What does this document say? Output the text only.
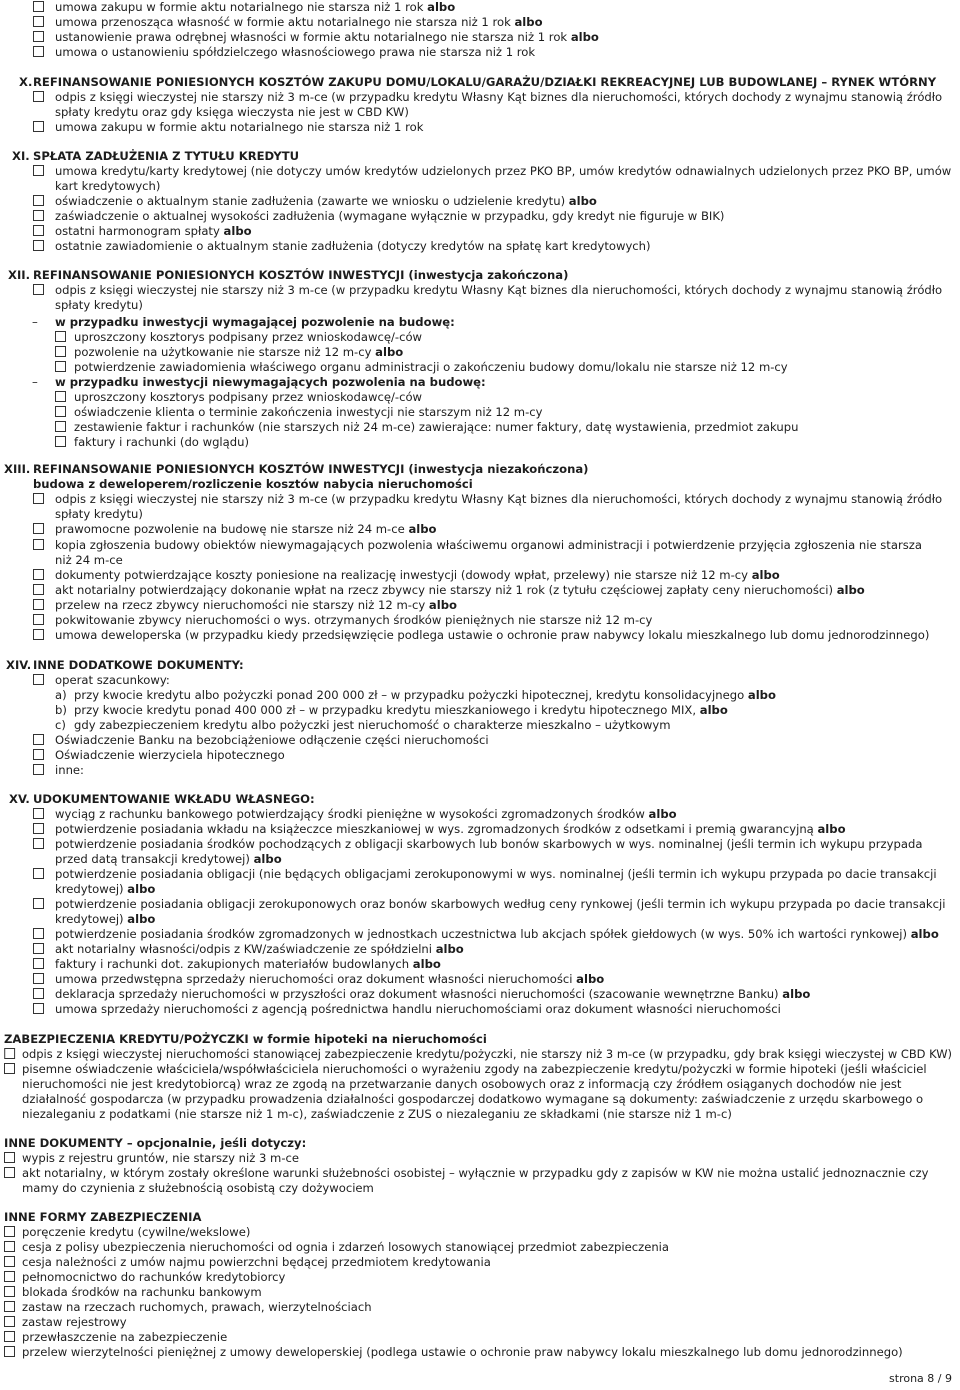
umowa zakupu w formie aktu notarialnego nie starsza niż 1 rok albo
umowa przenosząca własność w formie aktu notarialnego nie starsza niż 1 rok albo
ustanowienie prawa odrębnej własności w formie aktu notarialnego nie starsza niż 1 rok albo
umowa o ustanowieniu spółdzielczego własnościowego prawa nie starsza niż 1 rok
X. REFINANSOWANIE PONIESIONYCH KOSZTÓW ZAKUPU DOMU/LOKALU/GARAŻU/DZIAŁKI REKREACYJNEJ LUB BUDOWLANEJ – RYNEK WTÓRNY
odpis z księgi wieczystej nie starszy niż 3 m-ce (w przypadku kredytu Własny Kąt biznes dla nieruchomości, których dochody z wynajmu stanowią źródło
spłaty kredytu oraz gdy księga wieczysta nie jest w CBD KW)
umowa zakupu w formie aktu notarialnego nie starsza niż 1 rok
XI. SPŁATA ZADŁUŻENIA Z TYTUŁU KREDYTU
umowa kredytu/karty kredytowej (nie dotyczy umów kredytów udzielonych przez PKO BP, umów kredytów odnawialnych udzielonych przez PKO BP, umów
kart kredytowych)
oświadczenie o aktualnym stanie zadłużenia (zawarte we wniosku o udzielenie kredytu) albo
zaświadczenie o aktualnej wysokości zadłużenia (wymagane wyłącznie w przypadku, gdy kredyt nie figuruje w BIK)
ostatni harmonogram spłaty albo
ostatnie zawiadomienie o aktualnym stanie zadłużenia (dotyczy kredytów na spłatę kart kredytowych)
XII. REFINANSOWANIE PONIESIONYCH KOSZTÓW INWESTYCJI (inwestycja zakończona)
odpis z księgi wieczystej nie starszy niż 3 m-ce (w przypadku kredytu Własny Kąt biznes dla nieruchomości, których dochody z wynajmu stanowią źródło
spłaty kredytu)
– w przypadku inwestycji wymagającej pozwolenie na budowę:
uproszczony kosztorys podpisany przez wnioskodawcę/-ców
pozwolenie na użytkowanie nie starsze niż 12 m-cy albo
potwierdzenie zawiadomienia właściwego organu administracji o zakończeniu budowy domu/lokalu nie starsze niż 12 m-cy
– w przypadku inwestycji niewymagających pozwolenia na budowę:
uproszczony kosztorys podpisany przez wnioskodawcę/-ców
oświadczenie klienta o terminie zakończenia inwestycji nie starszym niż 12 m-cy
zestawienie faktur i rachunków (nie starszych niż 24 m-ce) zawierające: numer faktury, datę wystawienia, przedmiot zakupu
faktury i rachunki (do wglądu)
XIII. REFINANSOWANIE PONIESIONYCH KOSZTÓW INWESTYCJI (inwestycja niezakończona)
budowa z deweloperem/rozliczenie kosztów nabycia nieruchomości
odpis z księgi wieczystej nie starszy niż 3 m-ce (w przypadku kredytu Własny Kąt biznes dla nieruchomości, których dochody z wynajmu stanowią źródło
spłaty kredytu)
prawomocne pozwolenie na budowę nie starsze niż 24 m-ce albo
kopia zgłoszenia budowy obiektów niewymagających pozwolenia właściwemu organowi administracji i potwierdzenie przyjęcia zgłoszenia nie starsza
niż 24 m-ce
dokumenty potwierdzające koszty poniesione na realizację inwestycji (dowody wpłat, przelewy) nie starsze niż 12 m-cy albo
akt notarialny potwierdzający dokonanie wpłat na rzecz zbywcy nie starszy niż 1 rok (z tytułu częściowej zapłaty ceny nieruchomości) albo
przelew na rzecz zbywcy nieruchomości nie starszy niż 12 m-cy albo
pokwitowanie zbywcy nieruchomości o wys. otrzymanych środków pieniężnych nie starsze niż 12 m-cy
umowa deweloperska (w przypadku kiedy przedsięwzięcie podlega ustawie o ochronie praw nabywcy lokalu mieszkalnego lub domu jednorodzinnego)
XIV. INNE DODATKOWE DOKUMENTY:
operat szacunkowy:
a) przy kwocie kredytu albo pożyczki ponad 200 000 zł – w przypadku pożyczki hipotecznej, kredytu konsolidacyjnego albo
b) przy kwocie kredytu ponad 400 000 zł – w przypadku kredytu mieszkaniowego i kredytu hipotecznego MIX, albo
c) gdy zabezpieczeniem kredytu albo pożyczki jest nieruchomość o charakterze mieszkalno – użytkowym
Oświadczenie Banku na bezobciążeniowe odłączenie części nieruchomości
Oświadczenie wierzyciela hipotecznego
inne:
XV. UDOKUMENTOWANIE WKŁADU WŁASNEGO:
wyciąg z rachunku bankowego potwierdzający środki pieniężne w wysokości zgromadzonych środków albo
potwierdzenie posiadania wkładu na książeczce mieszkaniowej w wys. zgromadzonych środków z odsetkami i premią gwarancyjną albo
potwierdzenie posiadania środków pochodzących z obligacji skarbowych lub bonów skarbowych w wys. nominalnej (jeśli termin ich wykupu przypada
przed datą transakcji kredytowej) albo
potwierdzenie posiadania obligacji (nie będących obligacjami zerokuponowymi w wys. nominalnej (jeśli termin ich wykupu przypada po dacie transakcji
kredytowej) albo
potwierdzenie posiadania obligacji zerokuponowych oraz bonów skarbowych według ceny rynkowej (jeśli termin ich wykupu przypada po dacie transakcji
kredytowej) albo
potwierdzenie posiadania środków zgromadzonych w jednostkach uczestnictwa lub akcjach spółek giełdowych (w wys. 50% ich wartości rynkowej) albo
akt notarialny własności/odpis z KW/zaświadczenie ze spółdzielni albo
faktury i rachunki dot. zakupionych materiałów budowlanych albo
umowa przedwstępna sprzedaży nieruchomości oraz dokument własności nieruchomości albo
deklaracja sprzedaży nieruchomości w przyszłości oraz dokument własności nieruchomości (szacowanie wewnętrzne Banku) albo
umowa sprzedaży nieruchomości z agencją pośrednictwa handlu nieruchomościami oraz dokument własności nieruchomości
ZABEZPIECZENIA KREDYTU/POŻYCZKI w formie hipoteki na nieruchomości
odpis z księgi wieczystej nieruchomości stanowiącej zabezpieczenie kredytu/pożyczki, nie starszy niż 3 m-ce (w przypadku, gdy brak księgi wieczystej w CBD KW)
pisemne oświadczenie właściciela/współwłaściciela nieruchomości o wyrażeniu zgody na zabezpieczenie kredytu/pożyczki w formie hipoteki (jeśli właściciel
nieruchomości nie jest kredytobiorcą) wraz ze zgodą na przetwarzanie danych osobowych oraz z informacją czy źródłem osiąganych dochodów nie jest
działalność gospodarcza (w przypadku prowadzenia działalności gospodarczej dodatkowo wymagane są dokumenty: zaświadczenie z urzędu skarbowego o
niezaleganiu z podatkami (nie starsze niż 1 m-c), zaświadczenie z ZUS o niezaleganiu ze składkami (nie starsze niż 1 m-c)
INNE DOKUMENTY – opcjonalnie, jeśli dotyczy:
wypis z rejestru gruntów, nie starszy niż 3 m-ce
akt notarialny, w którym zostały określone warunki służebności osobistej – wyłącznie w przypadku gdy z zapisów w KW nie można ustalić jednoznacznie czy
mamy do czynienia z służebnością osobistą czy dożywociem
INNE FORMY ZABEZPIECZENIA
poręczenie kredytu (cywilne/wekslowe)
cesja z polisy ubezpieczenia nieruchomości od ognia i zdarzeń losowych stanowiącej przedmiot zabezpieczenia
cesja należności z umów najmu powierzchni będącej przedmiotem kredytowania
pełnomocnictwo do rachunków kredytobiorcy
blokada środków na rachunku bankowym
zastaw na rzeczach ruchomych, prawach, wierzytelnościach
zastaw rejestrowy
przewłaszczenie na zabezpieczenie
przelew wierzytelności pieniężnej z umowy deweloperskiej (podlega ustawie o ochronie praw nabywcy lokalu mieszkalnego lub domu jednorodzinnego)
strona 8 / 9
